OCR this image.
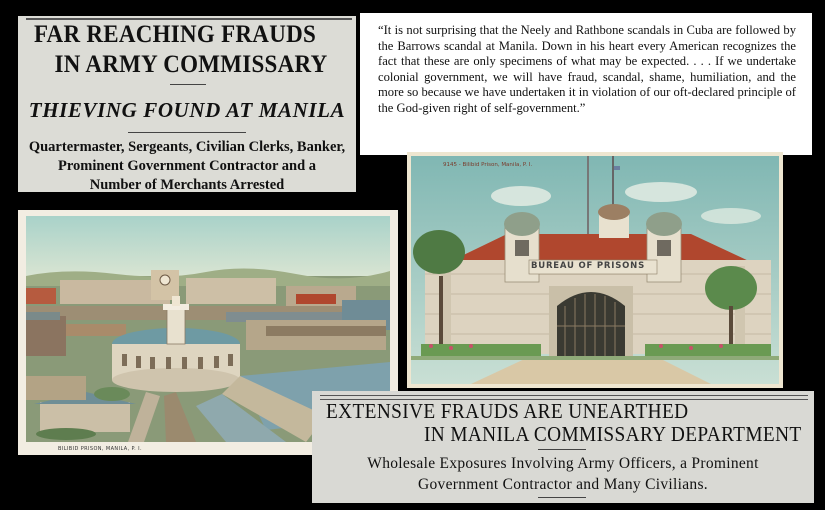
FAR REACHING FRAUDS
IN ARMY COMMISSARY
THIEVING FOUND AT MANILA
Quartermaster, Sergeants, Civilian Clerks, Banker,
Prominent Government Contractor and a
Number of Merchants Arrested

“It is not surprising that the Neely and Rathbone scandals in Cuba are followed by the Barrows scandal at Manila. Down in his heart every American recognizes the fact that these are only specimens of what may be expected. . . . If we undertake colonial government, we will have fraud, scandal, shame, humiliation, and the more so because we have undertaken it in violation of our oft-declared principle of the God-given right of self-government.”

BILIBID PRISON, MANILA, P. I.
9145 - Bilibid Prison, Manila, P. I.
BUREAU OF PRISONS
EXTENSIVE FRAUDS ARE UNEARTHED
IN MANILA COMMISSARY DEPARTMENT
Wholesale Exposures Involving Army Officers, a Prominent
Government Contractor and Many Civilians.
